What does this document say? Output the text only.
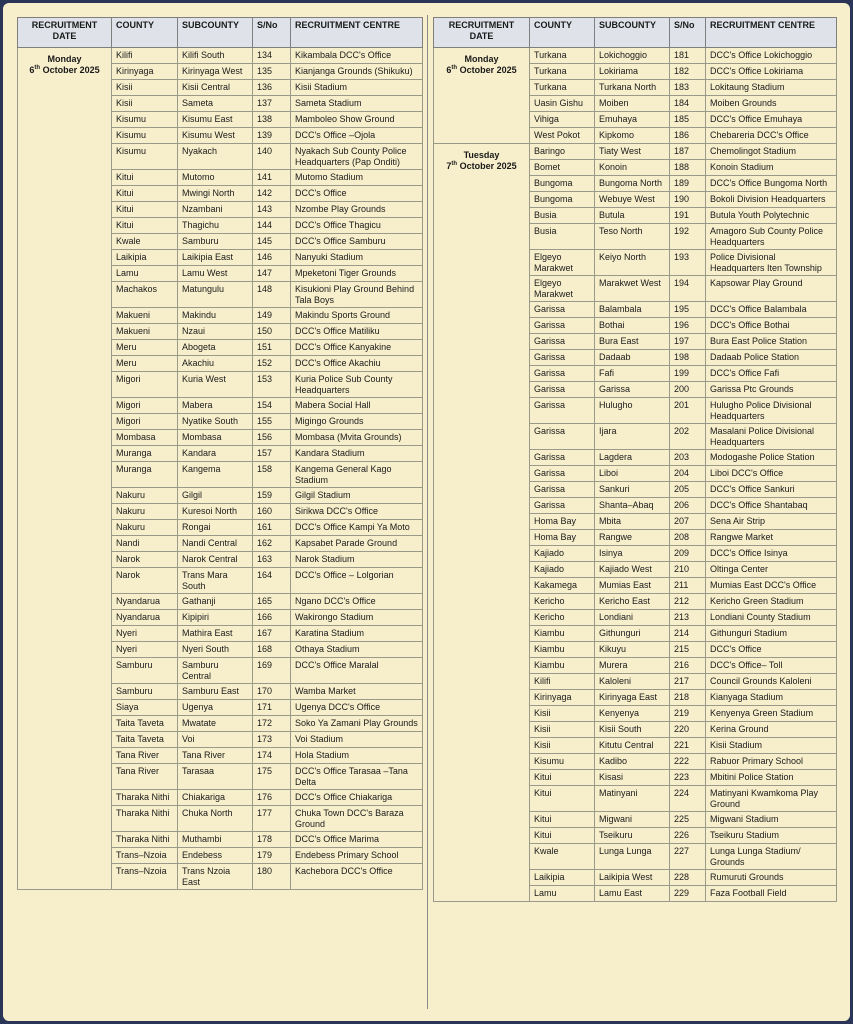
RECRUITMENT DATE	COUNTY	SUBCOUNTY	S/No	RECRUITMENT CENTRE
Monday
6th October 2025	Kilifi	Kilifi South	134	Kikambala DCC's Office
	Kirinyaga	Kirinyaga West	135	Kianjanga Grounds (Shikuku)
	Kisii	Kisii Central	136	Kisii Stadium
	Kisii	Sameta	137	Sameta Stadium
	Kisumu	Kisumu East	138	Mamboleo Show Ground
	Kisumu	Kisumu West	139	DCC's Office –Ojola
	Kisumu	Nyakach	140	Nyakach Sub County Police Headquarters (Pap Onditi)
	Kitui	Mutomo	141	Mutomo Stadium
	Kitui	Mwingi North	142	DCC's Office
	Kitui	Nzambani	143	Nzombe Play Grounds
	Kitui	Thagichu	144	DCC's Office Thagicu
	Kwale	Samburu	145	DCC's Office Samburu
	Laikipia	Laikipia East	146	Nanyuki Stadium
	Lamu	Lamu West	147	Mpeketoni Tiger Grounds
	Machakos	Matungulu	148	Kisukioni Play Ground Behind Tala Boys
	Makueni	Makindu	149	Makindu Sports Ground
	Makueni	Nzaui	150	DCC's Office Matiliku
	Meru	Abogeta	151	DCC's Office Kanyakine
	Meru	Akachiu	152	DCC's Office Akachiu
	Migori	Kuria West	153	Kuria Police Sub County Headquarters
	Migori	Mabera	154	Mabera Social Hall
	Migori	Nyatike South	155	Migingo Grounds
	Mombasa	Mombasa	156	Mombasa (Mvita Grounds)
	Muranga	Kandara	157	Kandara Stadium
	Muranga	Kangema	158	Kangema General Kago Stadium
	Nakuru	Gilgil	159	Gilgil Stadium
	Nakuru	Kuresoi North	160	Sirikwa DCC's Office
	Nakuru	Rongai	161	DCC's Office Kampi Ya Moto
	Nandi	Nandi Central	162	Kapsabet Parade Ground
	Narok	Narok Central	163	Narok Stadium
	Narok	Trans Mara South	164	DCC's Office – Lolgorian
	Nyandarua	Gathanji	165	Ngano DCC's Office
	Nyandarua	Kipipiri	166	Wakirongo Stadium
	Nyeri	Mathira East	167	Karatina Stadium
	Nyeri	Nyeri South	168	Othaya Stadium
	Samburu	Samburu Central	169	DCC's Office Maralal
	Samburu	Samburu East	170	Wamba Market
	Siaya	Ugenya	171	Ugenya DCC's Office
	Taita Taveta	Mwatate	172	Soko Ya Zamani Play Grounds
	Taita Taveta	Voi	173	Voi Stadium
	Tana River	Tana River	174	Hola Stadium
	Tana River	Tarasaa	175	DCC's Office Tarasaa –Tana Delta
	Tharaka Nithi	Chiakariga	176	DCC's Office Chiakariga
	Tharaka Nithi	Chuka North	177	Chuka Town DCC's Baraza Ground
	Tharaka Nithi	Muthambi	178	DCC's Office Marima
	Trans–Nzoia	Endebess	179	Endebess Primary School
	Trans–Nzoia	Trans Nzoia East	180	Kachebora DCC's Office
RECRUITMENT DATE	COUNTY	SUBCOUNTY	S/No	RECRUITMENT CENTRE
Monday
6th October 2025	Turkana	Lokichoggio	181	DCC's Office Lokichoggio
	Turkana	Lokiriama	182	DCC's Office Lokiriama
	Turkana	Turkana North	183	Lokitaung Stadium
	Uasin Gishu	Moiben	184	Moiben Grounds
	Vihiga	Emuhaya	185	DCC's Office Emuhaya
	West Pokot	Kipkomo	186	Chebareria DCC's Office
Tuesday
7th October 2025	Baringo	Tiaty West	187	Chemolingot Stadium
	Bomet	Konoin	188	Konoin Stadium
	Bungoma	Bungoma North	189	DCC's Office Bungoma North
	Bungoma	Webuye West	190	Bokoli Division Headquarters
	Busia	Butula	191	Butula Youth Polytechnic
	Busia	Teso North	192	Amagoro Sub County Police Headquarters
	Elgeyo Marakwet	Keiyo North	193	Police Divisional Headquarters Iten Township
	Elgeyo Marakwet	Marakwet West	194	Kapsowar Play Ground
	Garissa	Balambala	195	DCC's Office Balambala
	Garissa	Bothai	196	DCC's Office Bothai
	Garissa	Bura East	197	Bura East Police Station
	Garissa	Dadaab	198	Dadaab Police Station
	Garissa	Fafi	199	DCC's Office Fafi
	Garissa	Garissa	200	Garissa Ptc Grounds
	Garissa	Hulugho	201	Hulugho Police Divisional Headquarters
	Garissa	Ijara	202	Masalani Police Divisional Headquarters
	Garissa	Lagdera	203	Modogashe Police Station
	Garissa	Liboi	204	Liboi DCC's Office
	Garissa	Sankuri	205	DCC's Office Sankuri
	Garissa	Shanta–Abaq	206	DCC's Office Shantabaq
	Homa Bay	Mbita	207	Sena Air Strip
	Homa Bay	Rangwe	208	Rangwe Market
	Kajiado	Isinya	209	DCC's Office Isinya
	Kajiado	Kajiado West	210	Oltinga Center
	Kakamega	Mumias East	211	Mumias East DCC's Office
	Kericho	Kericho East	212	Kericho Green Stadium
	Kericho	Londiani	213	Londiani County Stadium
	Kiambu	Githunguri	214	Githunguri Stadium
	Kiambu	Kikuyu	215	DCC's Office
	Kiambu	Murera	216	DCC's Office– Toll
	Kilifi	Kaloleni	217	Council Grounds Kaloleni
	Kirinyaga	Kirinyaga East	218	Kianyaga Stadium
	Kisii	Kenyenya	219	Kenyenya Green Stadium
	Kisii	Kisii South	220	Kerina Ground
	Kisii	Kitutu Central	221	Kisii Stadium
	Kisumu	Kadibo	222	Rabuor Primary School
	Kitui	Kisasi	223	Mbitini Police Station
	Kitui	Matinyani	224	Matinyani Kwamkoma Play Ground
	Kitui	Migwani	225	Migwani Stadium
	Kitui	Tseikuru	226	Tseikuru Stadium
	Kwale	Lunga Lunga	227	Lunga Lunga Stadium/ Grounds
	Laikipia	Laikipia West	228	Rumuruti Grounds
	Lamu	Lamu East	229	Faza Football Field
